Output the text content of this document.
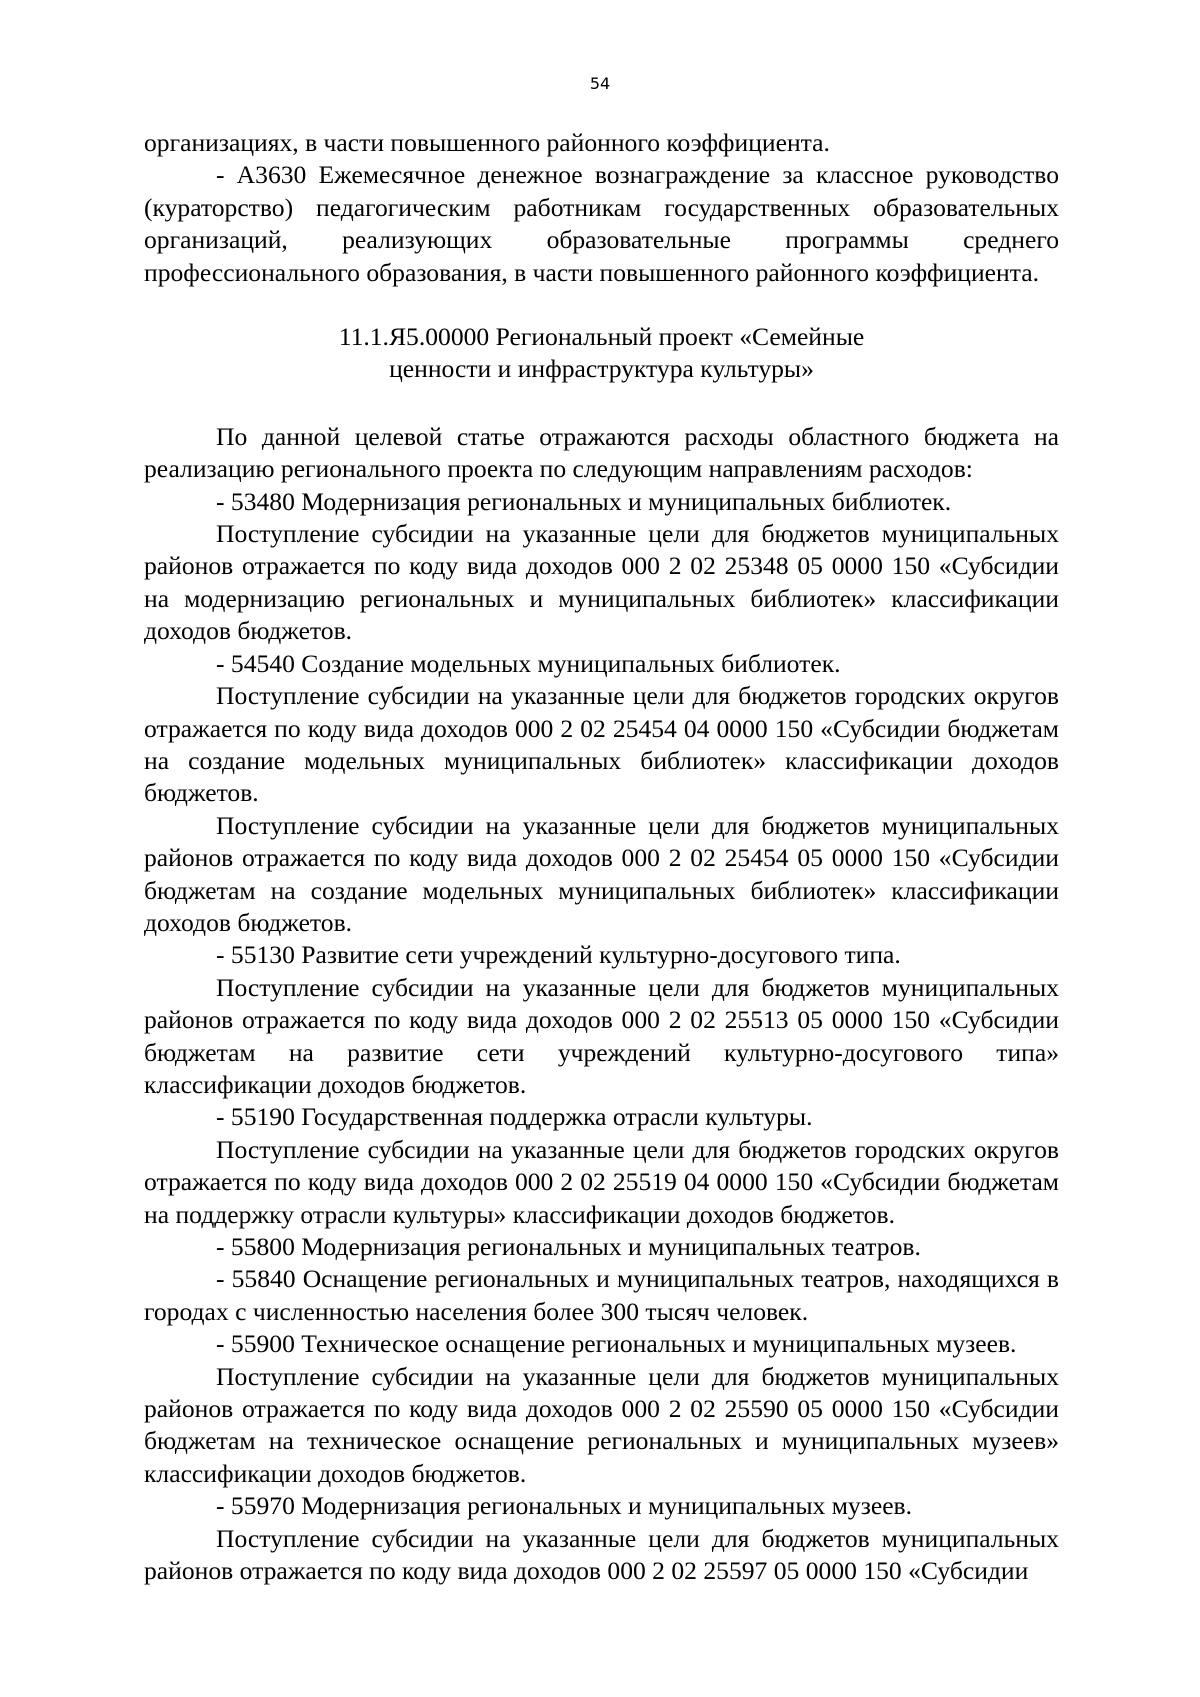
54

организациях, в части повышенного районного коэффициента.

- А3630 Ежемесячное денежное вознаграждение за классное руководство (кураторство) педагогическим работникам государственных образовательных организаций, реализующих образовательные программы среднего профессионального образования, в части повышенного районного коэффициента.

11.1.Я5.00000 Региональный проект «Семейные
ценности и инфраструктура культуры»

По данной целевой статье отражаются расходы областного бюджета на реализацию регионального проекта по следующим направлениям расходов:

- 53480 Модернизация региональных и муниципальных библиотек.

Поступление субсидии на указанные цели для бюджетов муниципальных районов отражается по коду вида доходов 000 2 02 25348 05 0000 150 «Субсидии на модернизацию региональных и муниципальных библиотек» классификации доходов бюджетов.

- 54540 Создание модельных муниципальных библиотек.

Поступление субсидии на указанные цели для бюджетов городских округов отражается по коду вида доходов 000 2 02 25454 04 0000 150 «Субсидии бюджетам на создание модельных муниципальных библиотек» классификации доходов бюджетов.

Поступление субсидии на указанные цели для бюджетов муниципальных районов отражается по коду вида доходов 000 2 02 25454 05 0000 150 «Субсидии бюджетам на создание модельных муниципальных библиотек» классификации доходов бюджетов.

- 55130 Развитие сети учреждений культурно-досугового типа.

Поступление субсидии на указанные цели для бюджетов муниципальных районов отражается по коду вида доходов 000 2 02 25513 05 0000 150 «Субсидии бюджетам на развитие сети учреждений культурно-досугового типа» классификации доходов бюджетов.

- 55190 Государственная поддержка отрасли культуры.

Поступление субсидии на указанные цели для бюджетов городских округов отражается по коду вида доходов 000 2 02 25519 04 0000 150 «Субсидии бюджетам на поддержку отрасли культуры» классификации доходов бюджетов.

- 55800 Модернизация региональных и муниципальных театров.

- 55840 Оснащение региональных и муниципальных театров, находящихся в городах с численностью населения более 300 тысяч человек.

- 55900 Техническое оснащение региональных и муниципальных музеев.

Поступление субсидии на указанные цели для бюджетов муниципальных районов отражается по коду вида доходов 000 2 02 25590 05 0000 150 «Субсидии бюджетам на техническое оснащение региональных и муниципальных музеев» классификации доходов бюджетов.

- 55970 Модернизация региональных и муниципальных музеев.

Поступление субсидии на указанные цели для бюджетов муниципальных районов отражается по коду вида доходов 000 2 02 25597 05 0000 150 «Субсидии
